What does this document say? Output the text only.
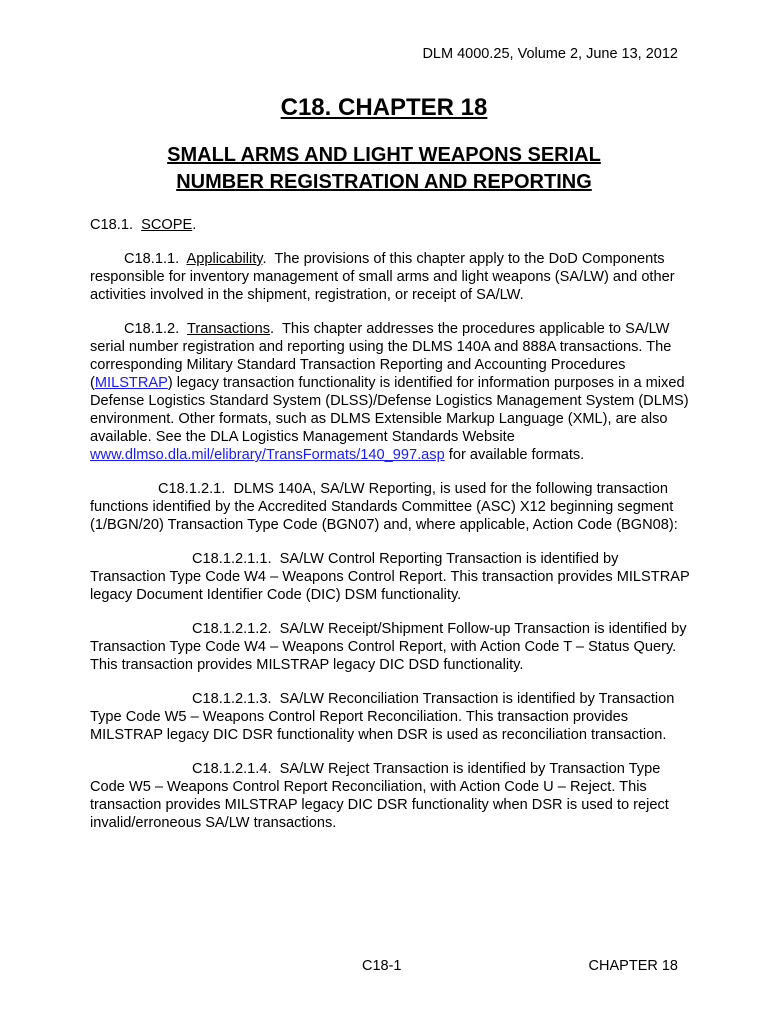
DLM 4000.25, Volume 2, June 13, 2012
C18. CHAPTER 18
SMALL ARMS AND LIGHT WEAPONS SERIAL
NUMBER REGISTRATION AND REPORTING

C18.1. SCOPE.

C18.1.1. Applicability.  The provisions of this chapter apply to the DoD Components responsible for inventory management of small arms and light weapons (SA/LW) and other activities involved in the shipment, registration, or receipt of SA/LW.

C18.1.2. Transactions.  This chapter addresses the procedures applicable to SA/LW serial number registration and reporting using the DLMS 140A and 888A transactions. The corresponding Military Standard Transaction Reporting and Accounting Procedures (MILSTRAP) legacy transaction functionality is identified for information purposes in a mixed Defense Logistics Standard System (DLSS)/Defense Logistics Management System (DLMS) environment. Other formats, such as DLMS Extensible Markup Language (XML), are also available. See the DLA Logistics Management Standards Website www.dlmso.dla.mil/elibrary/TransFormats/140_997.asp for available formats.

C18.1.2.1. DLMS 140A, SA/LW Reporting, is used for the following transaction functions identified by the Accredited Standards Committee (ASC) X12 beginning segment (1/BGN/20) Transaction Type Code (BGN07) and, where applicable, Action Code (BGN08):

C18.1.2.1.1. SA/LW Control Reporting Transaction is identified by Transaction Type Code W4 – Weapons Control Report. This transaction provides MILSTRAP legacy Document Identifier Code (DIC) DSM functionality.

C18.1.2.1.2. SA/LW Receipt/Shipment Follow-up Transaction is identified by Transaction Type Code W4 – Weapons Control Report, with Action Code T – Status Query. This transaction provides MILSTRAP legacy DIC DSD functionality.

C18.1.2.1.3. SA/LW Reconciliation Transaction is identified by Transaction Type Code W5 – Weapons Control Report Reconciliation. This transaction provides MILSTRAP legacy DIC DSR functionality when DSR is used as reconciliation transaction.

C18.1.2.1.4. SA/LW Reject Transaction is identified by Transaction Type Code W5 – Weapons Control Report Reconciliation, with Action Code U – Reject. This transaction provides MILSTRAP legacy DIC DSR functionality when DSR is used to reject invalid/erroneous SA/LW transactions.

C18-1	CHAPTER 18
